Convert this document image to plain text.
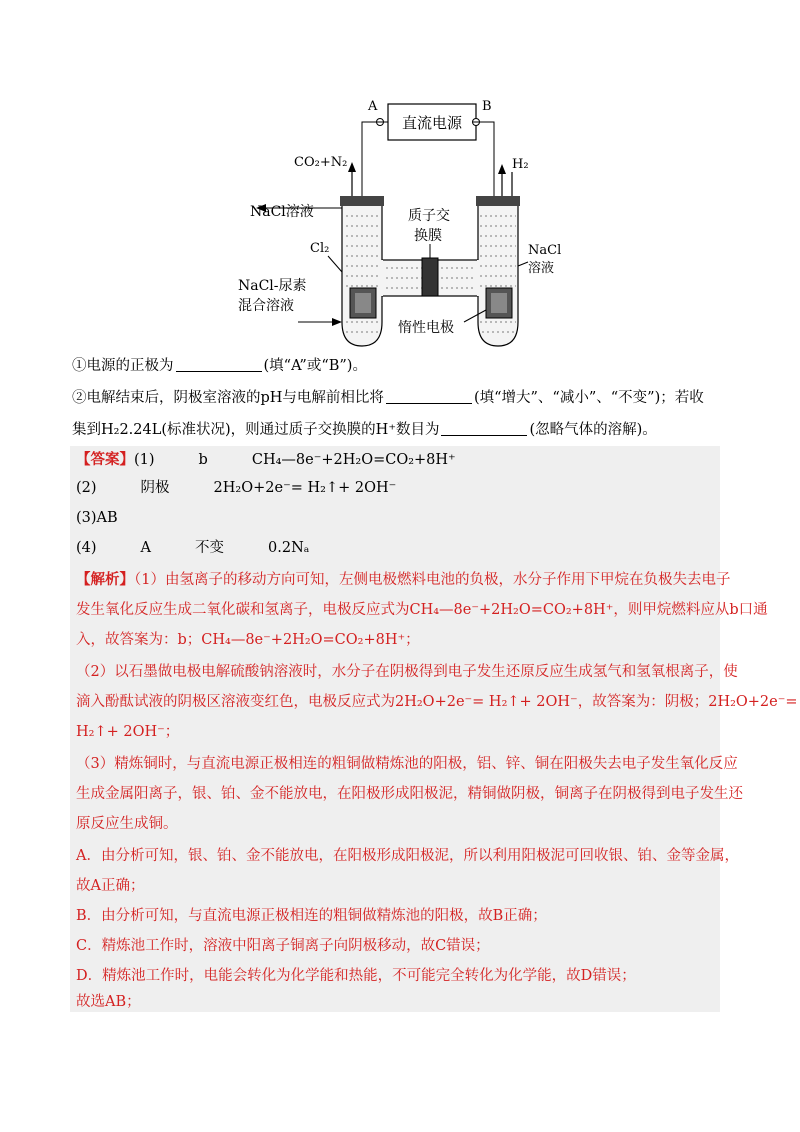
直流电源
A	B
CO₂+N₂	H₂
NaCl溶液
Cl₂
质子交
换膜
NaCl
溶液
NaCl-尿素
混合溶液
惰性电极
①电源的正极为	(填“A”或“B”)。
②电解结束后，阴极室溶液的pH与电解前相比将	(填“增大”、“减小”、“不变”)；若收
集到H₂2.24L(标准状况)，则通过质子交换膜的H⁺数目为	(忽略气体的溶解)。
【答案】(1)	b	CH₄—8e⁻+2H₂O=CO₂+8H⁺
(2)	阴极	2H₂O+2e⁻= H₂↑+ 2OH⁻
(3)AB
(4)	A	不变	0.2Nₐ
【解析】（1）由氢离子的移动方向可知，左侧电极燃料电池的负极，水分子作用下甲烷在负极失去电子
发生氧化反应生成二氧化碳和氢离子，电极反应式为CH₄—8e⁻+2H₂O=CO₂+8H⁺，则甲烷燃料应从b口通
入，故答案为：b；CH₄—8e⁻+2H₂O=CO₂+8H⁺；
（2）以石墨做电极电解硫酸钠溶液时，水分子在阴极得到电子发生还原反应生成氢气和氢氧根离子，使
滴入酚酞试液的阴极区溶液变红色，电极反应式为2H₂O+2e⁻= H₂↑+ 2OH⁻，故答案为：阴极；2H₂O+2e⁻=
H₂↑+ 2OH⁻；
（3）精炼铜时，与直流电源正极相连的粗铜做精炼池的阳极，铝、锌、铜在阳极失去电子发生氧化反应
生成金属阳离子，银、铂、金不能放电，在阳极形成阳极泥，精铜做阴极，铜离子在阴极得到电子发生还
原反应生成铜。
A．由分析可知，银、铂、金不能放电，在阳极形成阳极泥，所以利用阳极泥可回收银、铂、金等金属，
故A正确；
B．由分析可知，与直流电源正极相连的粗铜做精炼池的阳极，故B正确；
C．精炼池工作时，溶液中阳离子铜离子向阴极移动，故C错误；
D．精炼池工作时，电能会转化为化学能和热能，不可能完全转化为化学能，故D错误；
故选AB；
